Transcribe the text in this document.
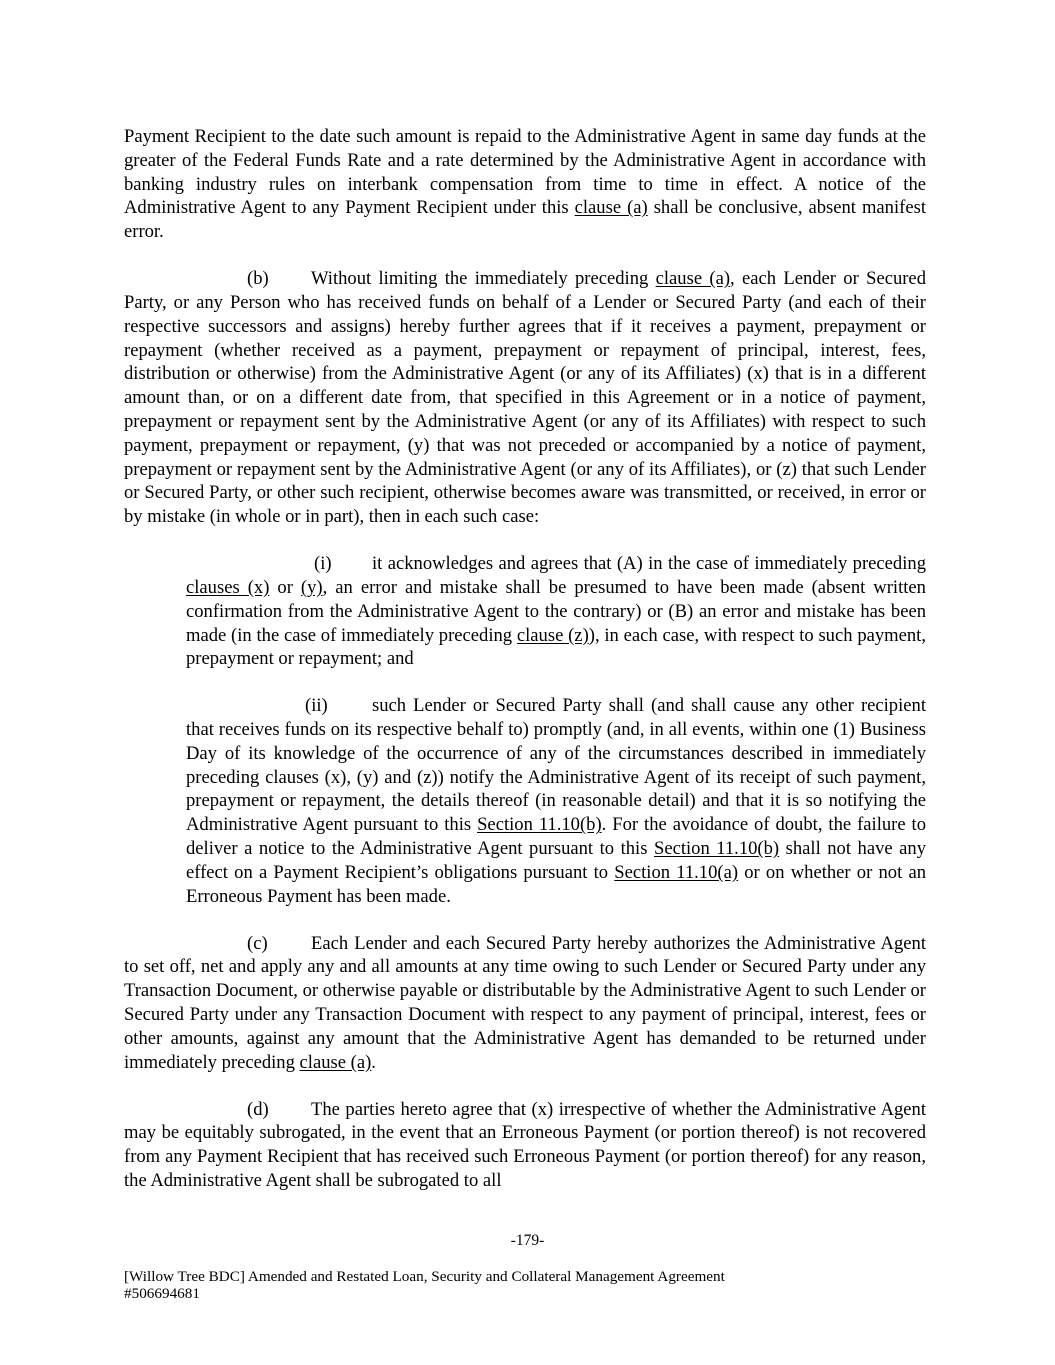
Payment Recipient to the date such amount is repaid to the Administrative Agent in same day funds at the greater of the Federal Funds Rate and a rate determined by the Administrative Agent in accordance with banking industry rules on interbank compensation from time to time in effect. A notice of the Administrative Agent to any Payment Recipient under this clause (a) shall be conclusive, absent manifest error.

(b) Without limiting the immediately preceding clause (a), each Lender or Secured Party, or any Person who has received funds on behalf of a Lender or Secured Party (and each of their respective successors and assigns) hereby further agrees that if it receives a payment, prepayment or repayment (whether received as a payment, prepayment or repayment of principal, interest, fees, distribution or otherwise) from the Administrative Agent (or any of its Affiliates) (x) that is in a different amount than, or on a different date from, that specified in this Agreement or in a notice of payment, prepayment or repayment sent by the Administrative Agent (or any of its Affiliates) with respect to such payment, prepayment or repayment, (y) that was not preceded or accompanied by a notice of payment, prepayment or repayment sent by the Administrative Agent (or any of its Affiliates), or (z) that such Lender or Secured Party, or other such recipient, otherwise becomes aware was transmitted, or received, in error or by mistake (in whole or in part), then in each such case:

(i) it acknowledges and agrees that (A) in the case of immediately preceding clauses (x) or (y), an error and mistake shall be presumed to have been made (absent written confirmation from the Administrative Agent to the contrary) or (B) an error and mistake has been made (in the case of immediately preceding clause (z)), in each case, with respect to such payment, prepayment or repayment; and

(ii) such Lender or Secured Party shall (and shall cause any other recipient that receives funds on its respective behalf to) promptly (and, in all events, within one (1) Business Day of its knowledge of the occurrence of any of the circumstances described in immediately preceding clauses (x), (y) and (z)) notify the Administrative Agent of its receipt of such payment, prepayment or repayment, the details thereof (in reasonable detail) and that it is so notifying the Administrative Agent pursuant to this Section 11.10(b). For the avoidance of doubt, the failure to deliver a notice to the Administrative Agent pursuant to this Section 11.10(b) shall not have any effect on a Payment Recipient’s obligations pursuant to Section 11.10(a) or on whether or not an Erroneous Payment has been made.

(c) Each Lender and each Secured Party hereby authorizes the Administrative Agent to set off, net and apply any and all amounts at any time owing to such Lender or Secured Party under any Transaction Document, or otherwise payable or distributable by the Administrative Agent to such Lender or Secured Party under any Transaction Document with respect to any payment of principal, interest, fees or other amounts, against any amount that the Administrative Agent has demanded to be returned under immediately preceding clause (a).

(d) The parties hereto agree that (x) irrespective of whether the Administrative Agent may be equitably subrogated, in the event that an Erroneous Payment (or portion thereof) is not recovered from any Payment Recipient that has received such Erroneous Payment (or portion thereof) for any reason, the Administrative Agent shall be subrogated to all

-179-
[Willow Tree BDC] Amended and Restated Loan, Security and Collateral Management Agreement
#506694681
